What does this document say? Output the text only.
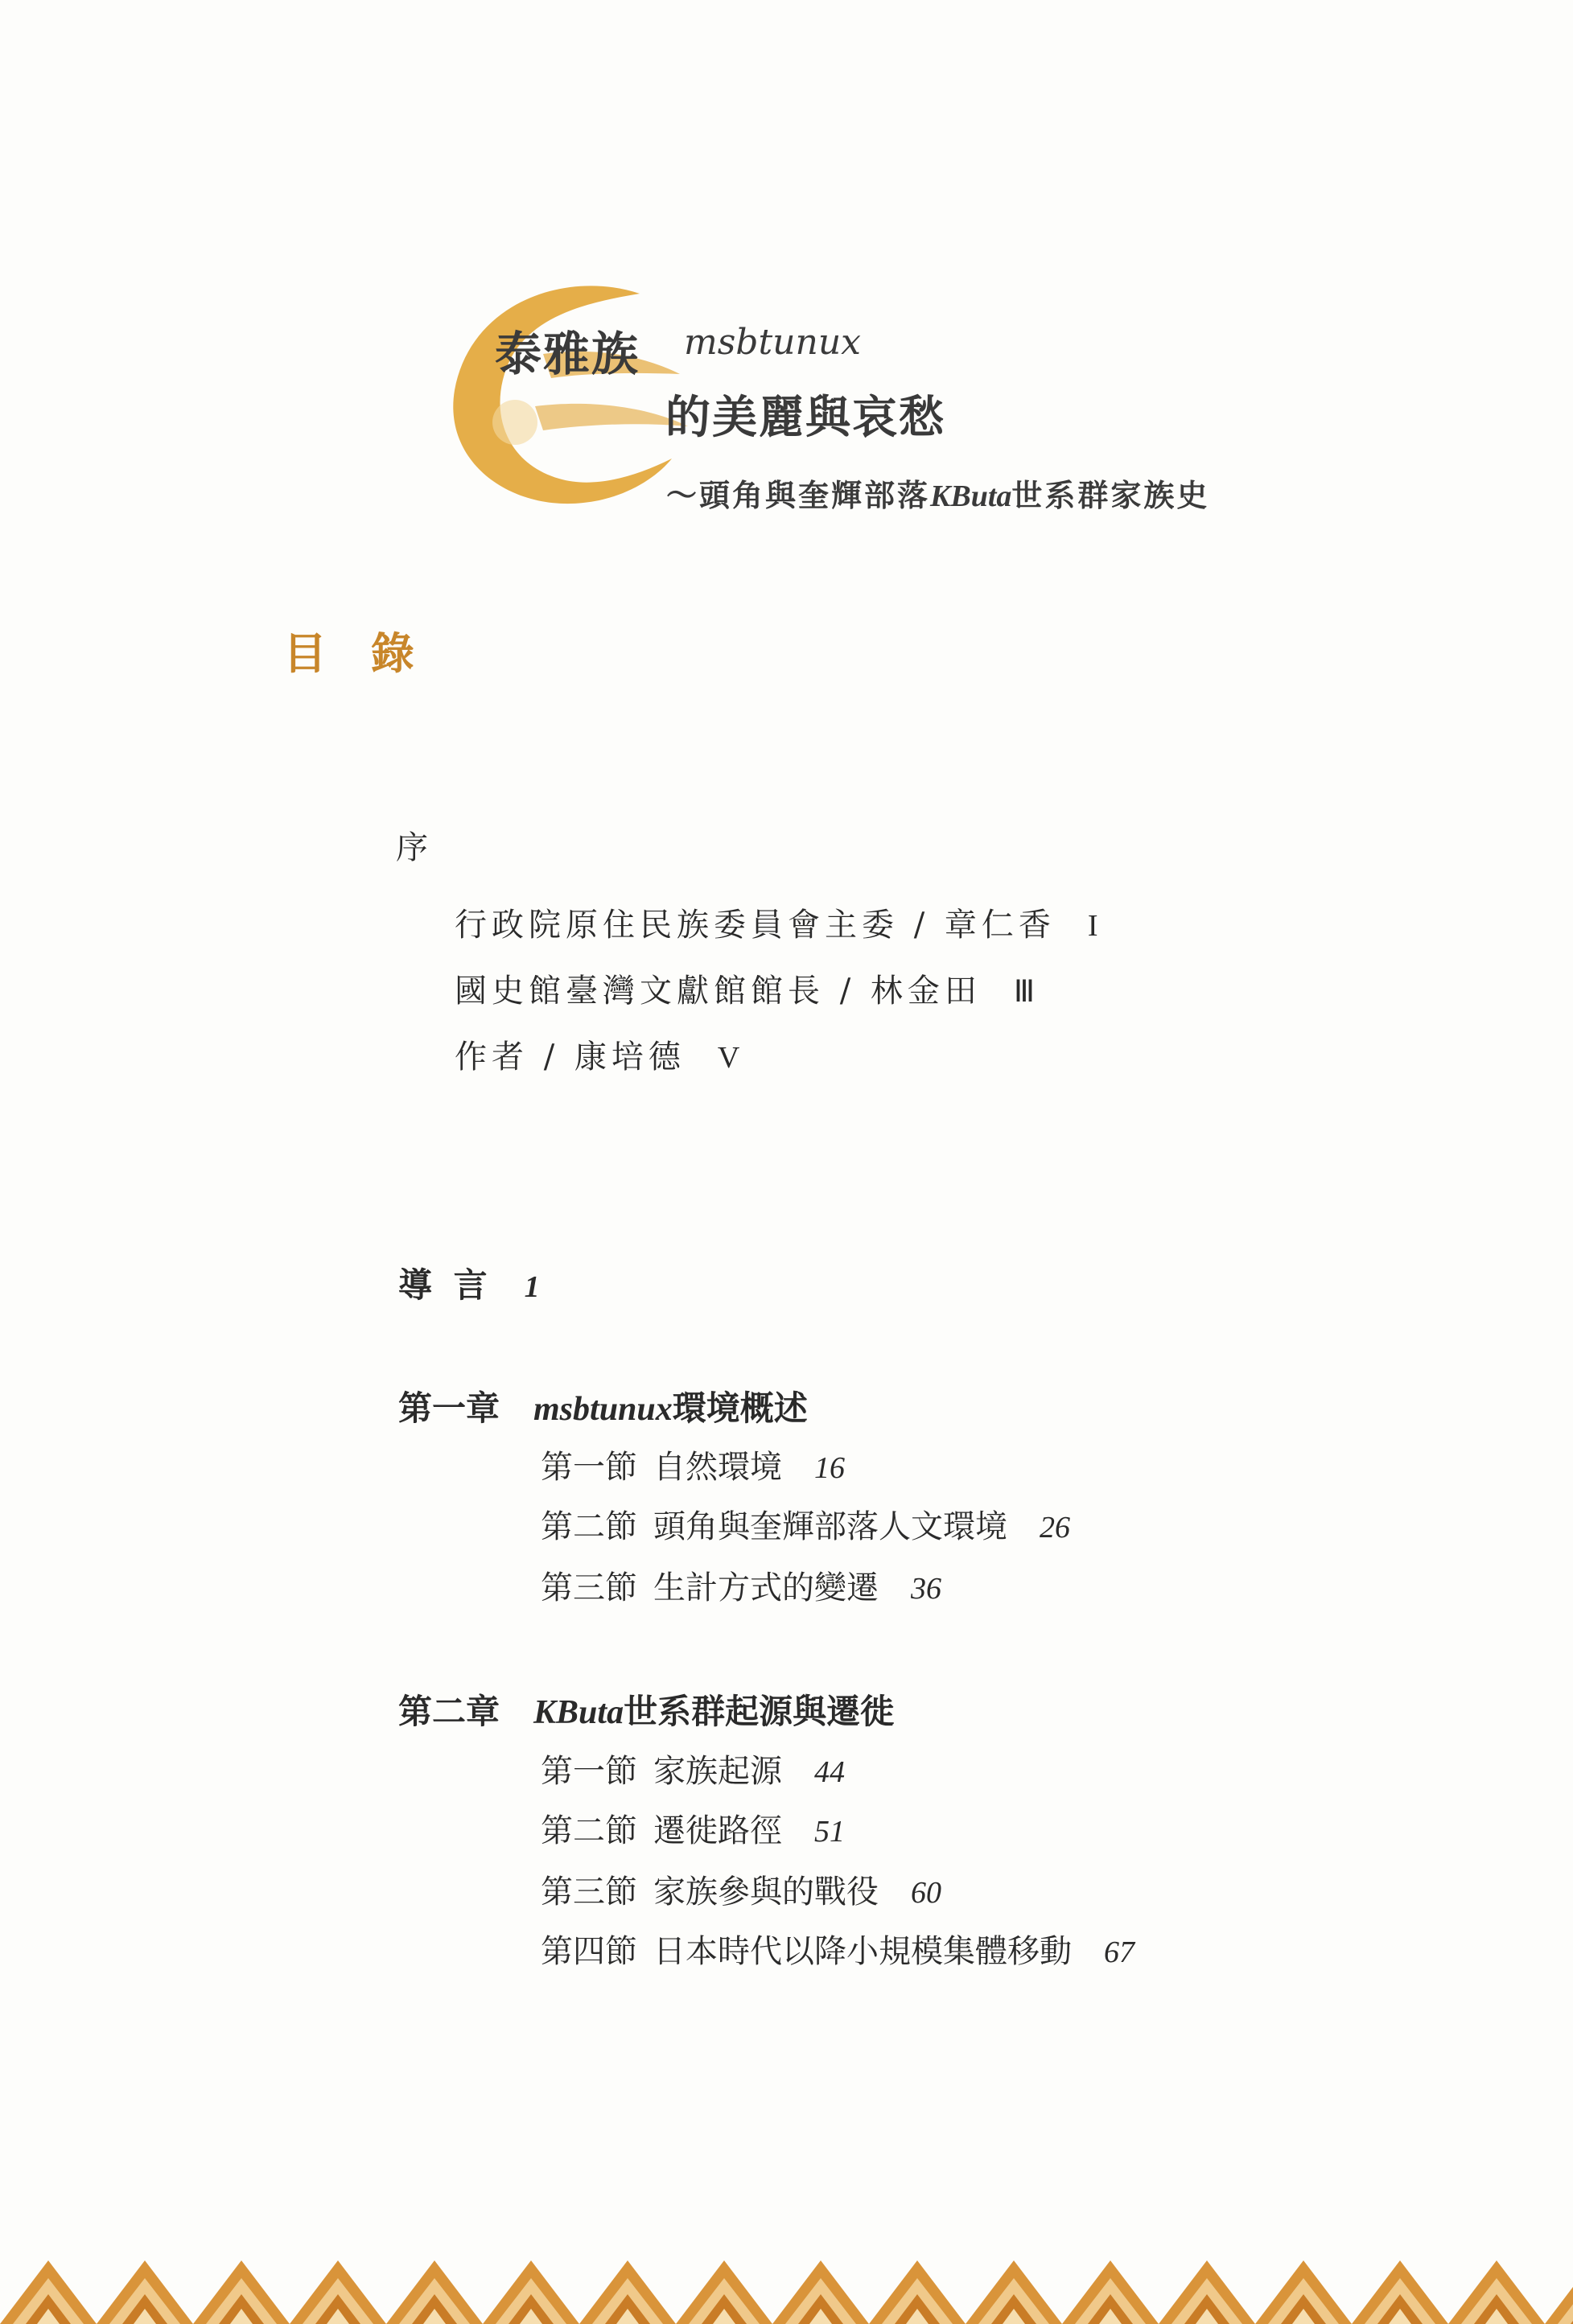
泰雅族 msbtunux
的美麗與哀愁
～頭角與奎輝部落KButa世系群家族史
目 錄
序
行政院原住民族委員會主委 / 章仁香 I
國史館臺灣文獻館館長 / 林金田 Ⅲ
作者 / 康培德 V
導 言 1
第一章 msbtunux環境概述
第一節 自然環境 16
第二節 頭角與奎輝部落人文環境 26
第三節 生計方式的變遷 36
第二章 KButa世系群起源與遷徙
第一節 家族起源 44
第二節 遷徙路徑 51
第三節 家族參與的戰役 60
第四節 日本時代以降小規模集體移動 67
